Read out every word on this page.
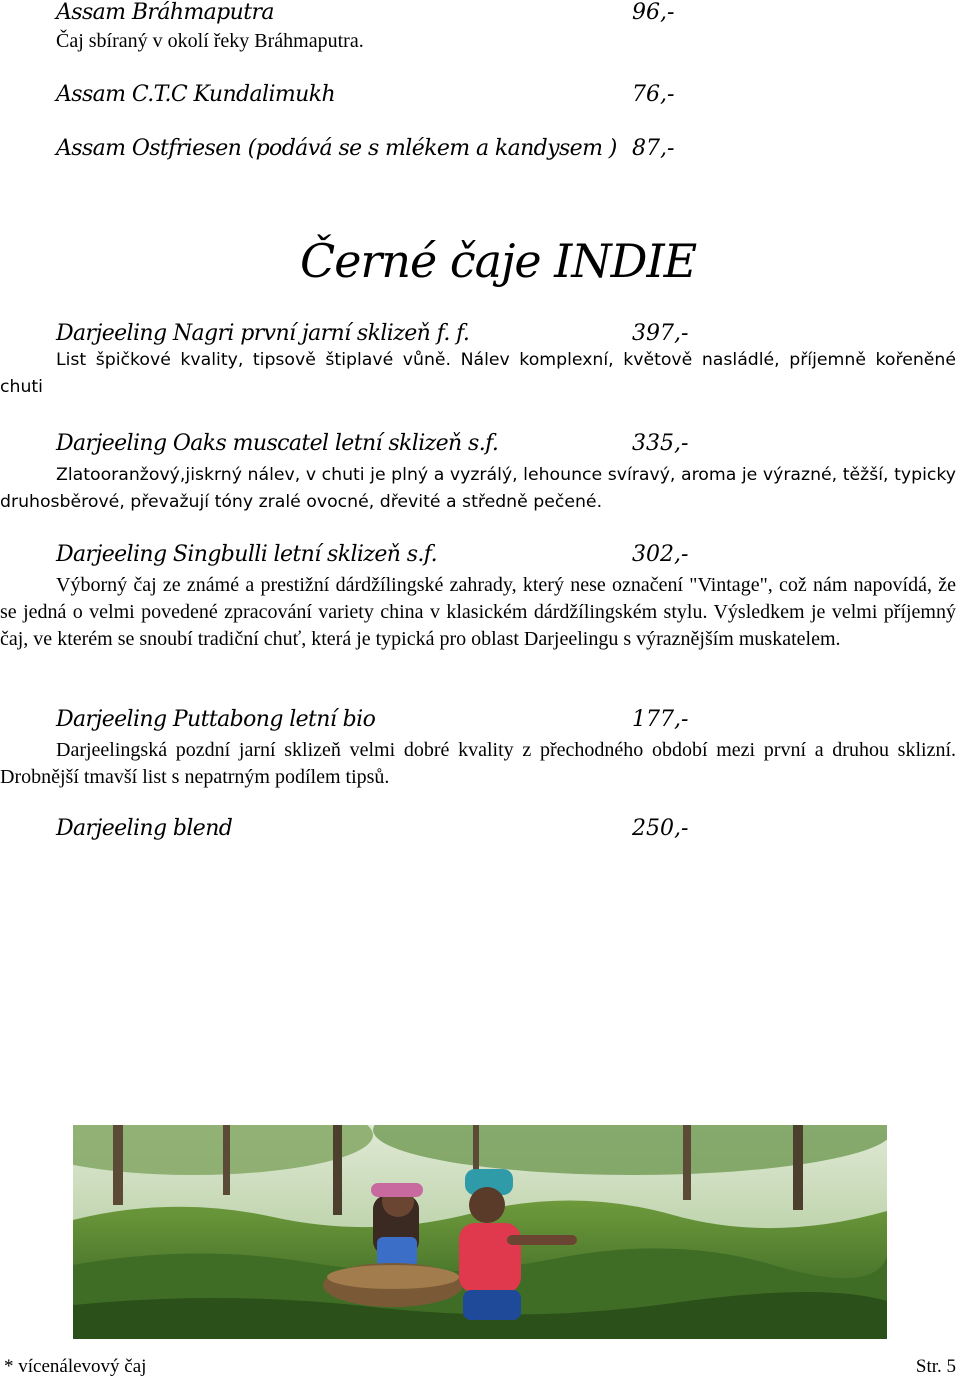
Assam Bráhmaputra	96,-

Čaj sbíraný v okolí řeky Bráhmaputra.

Assam C.T.C Kundalimukh	76,-
Assam Ostfriesen (podává se s mlékem a kandysem ) 87,-
Černé čaje INDIE
Darjeeling Nagri první jarní sklizeň f. f.	397,-

List špičkové kvality, tipsově štiplavé vůně. Nálev komplexní, květově nasládlé, příjemně kořeněné chuti

Darjeeling Oaks muscatel letní sklizeň s.f.	335,-

Zlatooranžový,jiskrný nálev, v chuti je plný a vyzrálý, lehounce svíravý, aroma je výrazné, těžší, typicky druhosběrové, převažují tóny zralé ovocné, dřevité a středně pečené.

Darjeeling Singbulli letní sklizeň s.f.	302,-

Výborný čaj ze známé a prestižní dárdžílingské zahrady, který nese označení "Vintage", což nám napovídá, že se jedná o velmi povedené zpracování variety china v klasickém dárdžílingském stylu. Výsledkem je velmi příjemný čaj, ve kterém se snoubí tradiční chuť, která je typická pro oblast Darjeelingu s výraznějším muskatelem.

Darjeeling Puttabong letní bio	177,-

Darjeelingská pozdní jarní sklizeň velmi dobré kvality z přechodného období mezi první a druhou sklizní. Drobnější tmavší list s nepatrným podílem tipsů.

Darjeeling blend	250,-
* vícenálevový čaj	Str. 5
